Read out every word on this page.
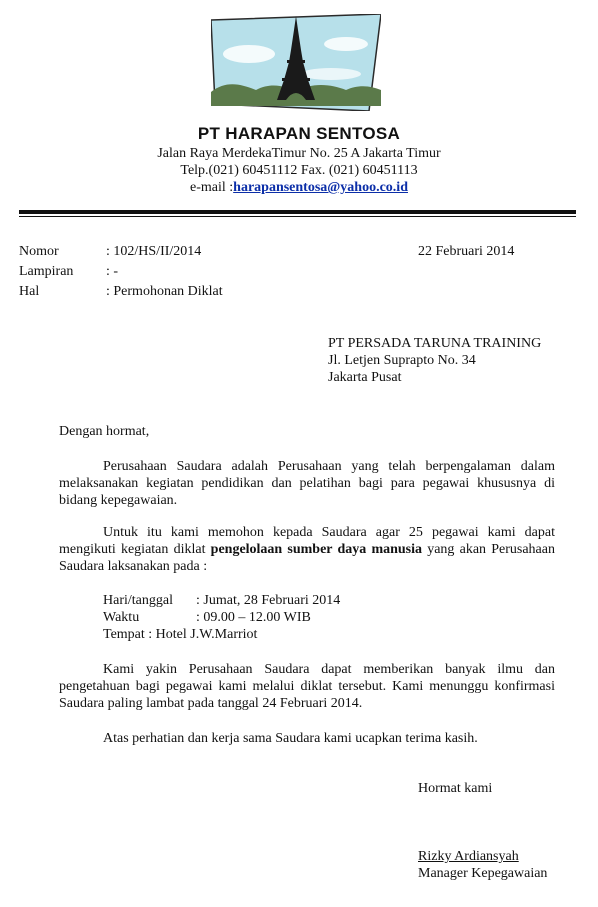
PT HARAPAN SENTOSA
Jalan Raya MerdekaTimur No. 25 A Jakarta Timur
Telp.(021) 60451112 Fax. (021) 60451113
e-mail :harapansentosa@yahoo.co.id
Nomor	: 102/HS/II/2014	22 Februari 2014
Lampiran : -
Hal	: Permohonan Diklat
PT PERSADA TARUNA TRAINING
Jl. Letjen Suprapto No. 34
Jakarta Pusat
Dengan hormat,

Perusahaan Saudara adalah Perusahaan yang telah berpengalaman dalam melaksanakan kegiatan pendidikan dan pelatihan bagi para pegawai khususnya di bidang kepegawaian.

Untuk itu kami memohon kepada Saudara agar 25 pegawai kami dapat mengikuti kegiatan diklat pengelolaan sumber daya manusia yang akan Perusahaan Saudara laksanakan pada :

Hari/tanggal : Jumat, 28 Februari 2014
Waktu	: 09.00 – 12.00 WIB
Tempat : Hotel J.W.Marriot

Kami yakin Perusahaan Saudara dapat memberikan banyak ilmu dan pengetahuan bagi pegawai kami melalui diklat tersebut. Kami menunggu konfirmasi Saudara paling lambat pada tanggal 24 Februari 2014.

Atas perhatian dan kerja sama Saudara kami ucapkan terima kasih.
Hormat kami
Rizky Ardiansyah
Manager Kepegawaian
